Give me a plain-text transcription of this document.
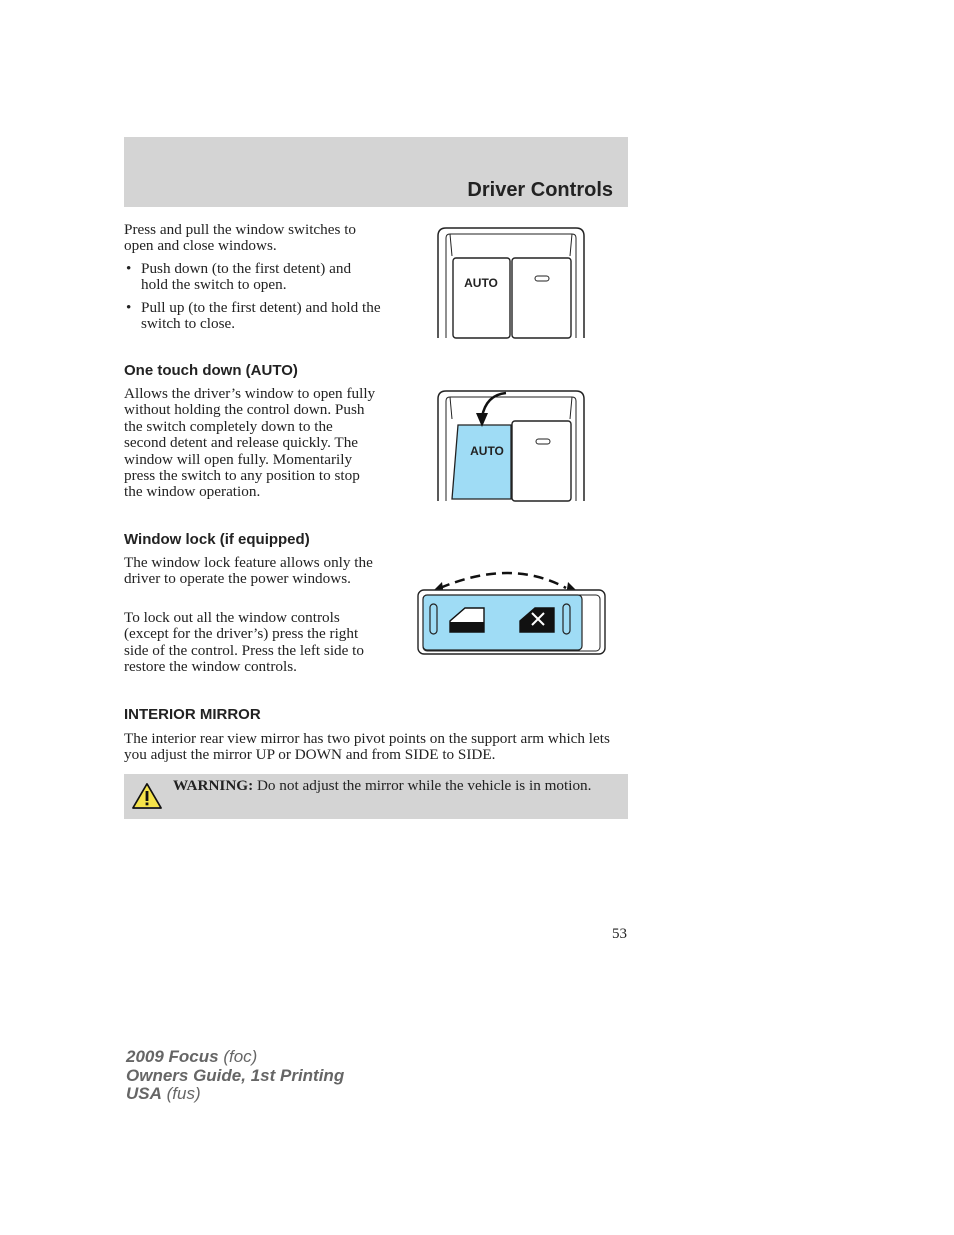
Driver Controls

Press and pull the window switches to open and close windows.

• Push down (to the first detent) and hold the switch to open.
• Pull up (to the first detent) and hold the switch to close.
AUTO
One touch down (AUTO)

Allows the driver’s window to open fully without holding the control down. Push the switch completely down to the second detent and release quickly. The window will open fully. Momentarily press the switch to any position to stop the window operation.

AUTO
Window lock (if equipped)

The window lock feature allows only the driver to operate the power windows.

To lock out all the window controls (except for the driver’s) press the right side of the control. Press the left side to restore the window controls.

INTERIOR MIRROR

The interior rear view mirror has two pivot points on the support arm which lets you adjust the mirror UP or DOWN and from SIDE to SIDE.

WARNING: Do not adjust the mirror while the vehicle is in motion.
53
2009 Focus (foc)
Owners Guide, 1st Printing
USA (fus)
